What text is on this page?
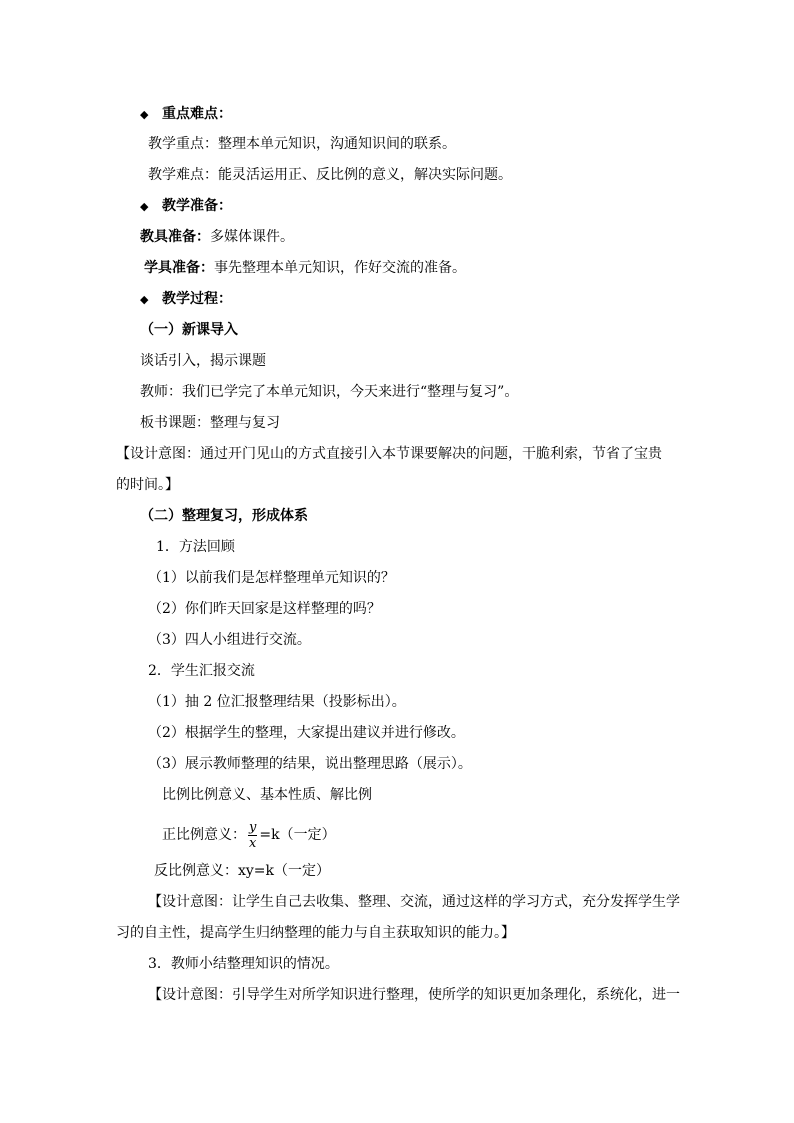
◆ 重点难点：
教学重点：整理本单元知识，沟通知识间的联系。
教学难点：能灵活运用正、反比例的意义，解决实际问题。
◆ 教学准备：
教具准备：多媒体课件。
学具准备：事先整理本单元知识，作好交流的准备。
◆ 教学过程：
（一）新课导入
谈话引入，揭示课题
教师：我们已学完了本单元知识，今天来进行“整理与复习”。
板书课题：整理与复习
【设计意图：通过开门见山的方式直接引入本节课要解决的问题，干脆利索，节省了宝贵
的时间。】
（二）整理复习，形成体系
1．方法回顾
（1）以前我们是怎样整理单元知识的？
（2）你们昨天回家是这样整理的吗？
（3）四人小组进行交流。
2．学生汇报交流
（1）抽 2 位汇报整理结果（投影标出）。
（2）根据学生的整理，大家提出建议并进行修改。
（3）展示教师整理的结果，说出整理思路（展示）。
比例比例意义、基本性质、解比例
正比例意义： $\frac{y}{x} =k$（一定）
反比例意义：xy=k（一定）
【设计意图：让学生自己去收集、整理、交流，通过这样的学习方式，充分发挥学生学
习的自主性，提高学生归纳整理的能力与自主获取知识的能力。】
3．教师小结整理知识的情况。
【设计意图：引导学生对所学知识进行整理，使所学的知识更加条理化，系统化，进一
